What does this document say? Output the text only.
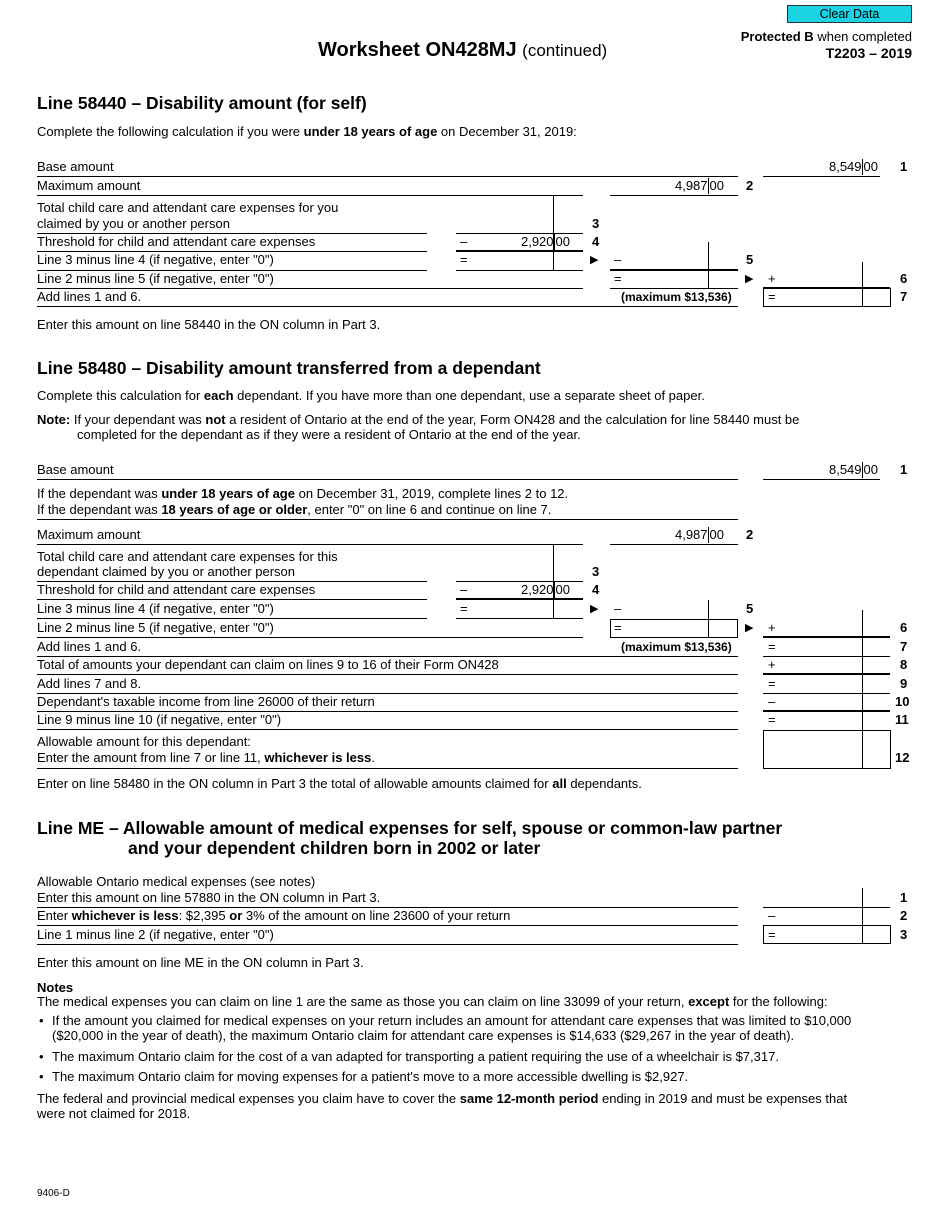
Clear Data
Worksheet ON428MJ (continued)
Protected B when completed
T2203 – 2019
Line 58440 – Disability amount (for self)
Complete the following calculation if you were under 18 years of age on December 31, 2019:
Base amount	8,549 00 1
Maximum amount	4,987 00 2
Total child care and attendant care expenses for you
claimed by you or another person	3
Threshold for child and attendant care expenses	–	2,920 00 4
Line 3 minus line 4 (if negative, enter "0")	=	▶ –	5
Line 2 minus line 5 (if negative, enter "0")	=	▶ +	6
Add lines 1 and 6.	(maximum $13,536)	=	7
Enter this amount on line 58440 in the ON column in Part 3.
Line 58480 – Disability amount transferred from a dependant
Complete this calculation for each dependant. If you have more than one dependant, use a separate sheet of paper.
Note: If your dependant was not a resident of Ontario at the end of the year, Form ON428 and the calculation for line 58440 must be
completed for the dependant as if they were a resident of Ontario at the end of the year.
Base amount	8,549 00 1
If the dependant was under 18 years of age on December 31, 2019, complete lines 2 to 12.
If the dependant was 18 years of age or older, enter "0" on line 6 and continue on line 7.
Maximum amount	4,987 00 2
Total child care and attendant care expenses for this
dependant claimed by you or another person	3
Threshold for child and attendant care expenses	–	2,920 00 4
Line 3 minus line 4 (if negative, enter "0")	=	▶ –	5
Line 2 minus line 5 (if negative, enter "0")	=	▶ +	6
Add lines 1 and 6.	(maximum $13,536)	=	7
Total of amounts your dependant can claim on lines 9 to 16 of their Form ON428	+	8
Add lines 7 and 8.	=	9
Dependant's taxable income from line 26000 of their return	–	10
Line 9 minus line 10 (if negative, enter "0")	=	11
Allowable amount for this dependant:
Enter the amount from line 7 or line 11, whichever is less.	12
Enter on line 58480 in the ON column in Part 3 the total of allowable amounts claimed for all dependants.
Line ME – Allowable amount of medical expenses for self, spouse or common-law partner
and your dependent children born in 2002 or later
Allowable Ontario medical expenses (see notes)
Enter this amount on line 57880 in the ON column in Part 3.	1
Enter whichever is less: $2,395 or 3% of the amount on line 23600 of your return	–	2
Line 1 minus line 2 (if negative, enter "0")	=	3
Enter this amount on line ME in the ON column in Part 3.
Notes
The medical expenses you can claim on line 1 are the same as those you can claim on line 33099 of your return, except for the following:
• If the amount you claimed for medical expenses on your return includes an amount for attendant care expenses that was limited to $10,000
($20,000 in the year of death), the maximum Ontario claim for attendant care expenses is $14,633 ($29,267 in the year of death).
• The maximum Ontario claim for the cost of a van adapted for transporting a patient requiring the use of a wheelchair is $7,317.
• The maximum Ontario claim for moving expenses for a patient's move to a more accessible dwelling is $2,927.
The federal and provincial medical expenses you claim have to cover the same 12-month period ending in 2019 and must be expenses that
were not claimed for 2018.
9406-D
